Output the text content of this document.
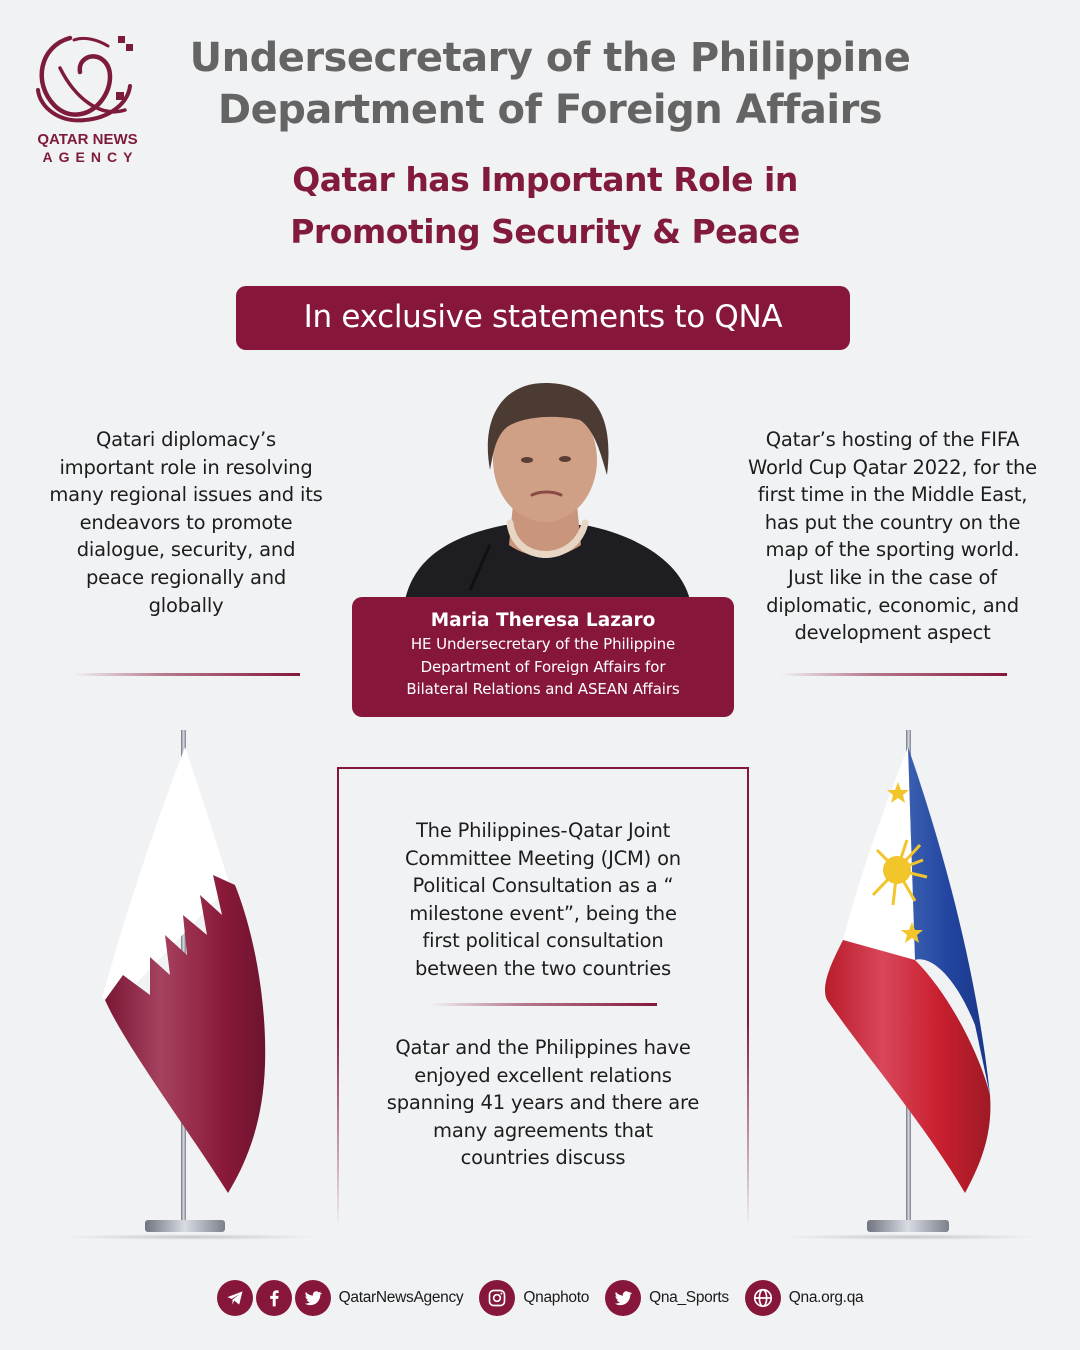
QATAR NEWS
AGENCY
Undersecretary of the Philippine
Department of Foreign Affairs
Qatar has Important Role in
Promoting Security & Peace
In exclusive statements to QNA
Qatari diplomacy’s
important role in resolving
many regional issues and its
endeavors to promote
dialogue, security, and
peace regionally and
globally
Qatar’s hosting of the FIFA
World Cup Qatar 2022, for the
first time in the Middle East,
has put the country on the
map of the sporting world.
Just like in the case of
diplomatic, economic, and
development aspect
Maria Theresa Lazaro
HE Undersecretary of the Philippine
Department of Foreign Affairs for
Bilateral Relations and ASEAN Affairs
The Philippines-Qatar Joint
Committee Meeting (JCM) on
Political Consultation as a “
milestone event”, being the
first political consultation
between the two countries
Qatar and the Philippines have
enjoyed excellent relations
spanning 41 years and there are
many agreements that
countries discuss
QatarNewsAgency	Qnaphoto	Qna_Sports	Qna.org.qa
